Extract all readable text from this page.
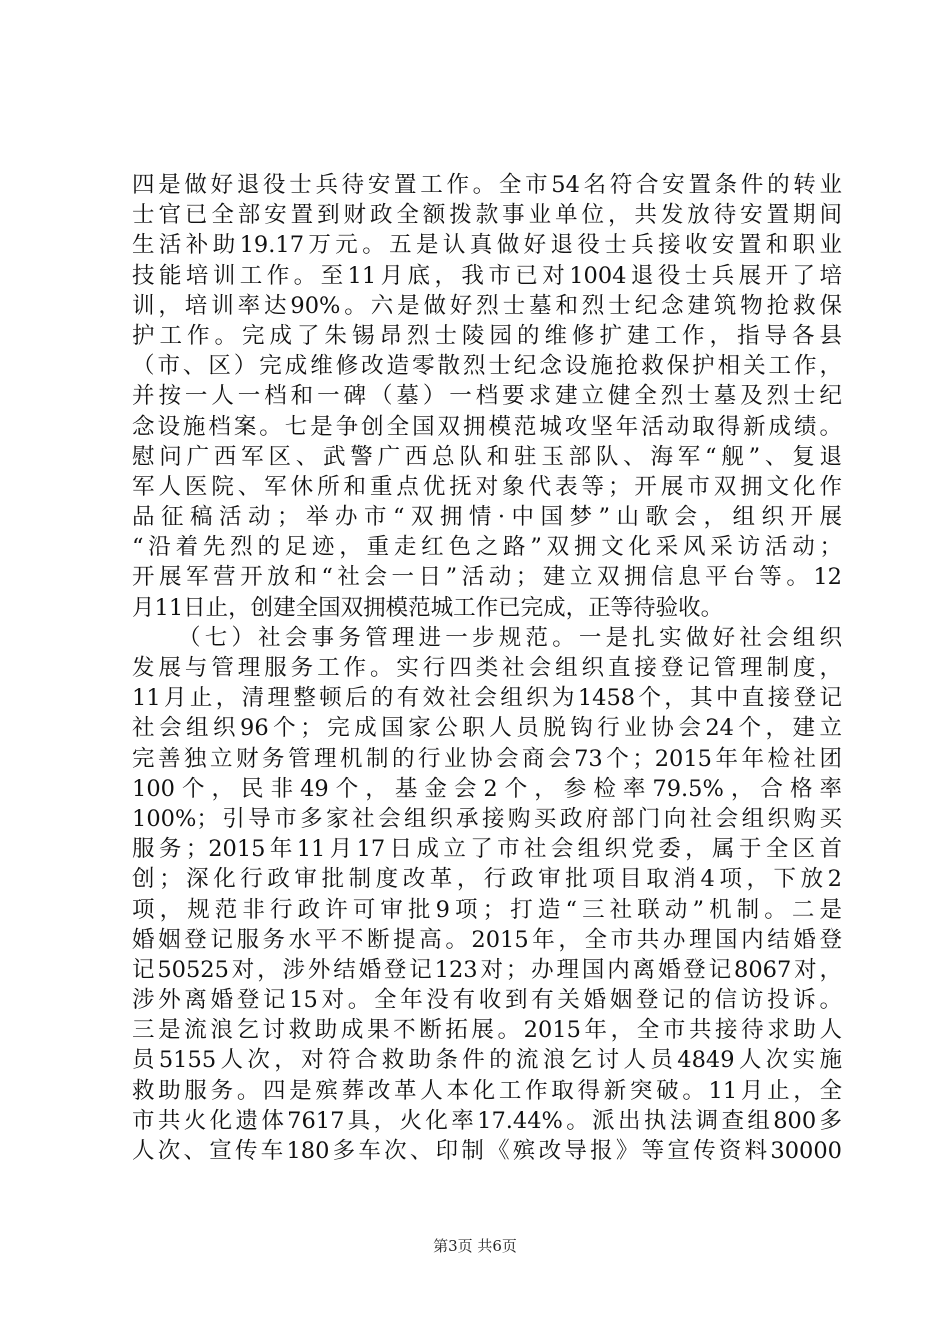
四是做好退役士兵待安置工作。全市54名符合安置条件的转业
士官已全部安置到财政全额拨款事业单位，共发放待安置期间
生活补助19.17万元。五是认真做好退役士兵接收安置和职业
技能培训工作。至11月底，我市已对1004退役士兵展开了培
训，培训率达90%。六是做好烈士墓和烈士纪念建筑物抢救保
护工作。完成了朱锡昂烈士陵园的维修扩建工作，指导各县
（市、区）完成维修改造零散烈士纪念设施抢救保护相关工作，
并按一人一档和一碑（墓）一档要求建立健全烈士墓及烈士纪
念设施档案。七是争创全国双拥模范城攻坚年活动取得新成绩。
慰问广西军区、武警广西总队和驻玉部队、海军“舰”、复退
军人医院、军休所和重点优抚对象代表等；开展市双拥文化作
品征稿活动；举办市“双拥情·中国梦”山歌会，组织开展
“沿着先烈的足迹，重走红色之路”双拥文化采风采访活动；
开展军营开放和“社会一日”活动；建立双拥信息平台等。12
月11日止，创建全国双拥模范城工作已完成，正等待验收。
（七）社会事务管理进一步规范。一是扎实做好社会组织
发展与管理服务工作。实行四类社会组织直接登记管理制度，
11月止，清理整顿后的有效社会组织为1458个，其中直接登记
社会组织96个；完成国家公职人员脱钩行业协会24个，建立
完善独立财务管理机制的行业协会商会73个；2015年年检社团
100个，民非49个，基金会2个，参检率79.5%，合格率
100%；引导市多家社会组织承接购买政府部门向社会组织购买
服务；2015年11月17日成立了市社会组织党委，属于全区首
创；深化行政审批制度改革，行政审批项目取消4项，下放2
项，规范非行政许可审批9项；打造“三社联动”机制。二是
婚姻登记服务水平不断提高。2015年，全市共办理国内结婚登
记50525对，涉外结婚登记123对；办理国内离婚登记8067对，
涉外离婚登记15对。全年没有收到有关婚姻登记的信访投诉。
三是流浪乞讨救助成果不断拓展。2015年，全市共接待求助人
员5155人次，对符合救助条件的流浪乞讨人员4849人次实施
救助服务。四是殡葬改革人本化工作取得新突破。11月止，全
市共火化遗体7617具，火化率17.44%。派出执法调查组800多
人次、宣传车180多车次、印制《殡改导报》等宣传资料30000
第3页 共6页
